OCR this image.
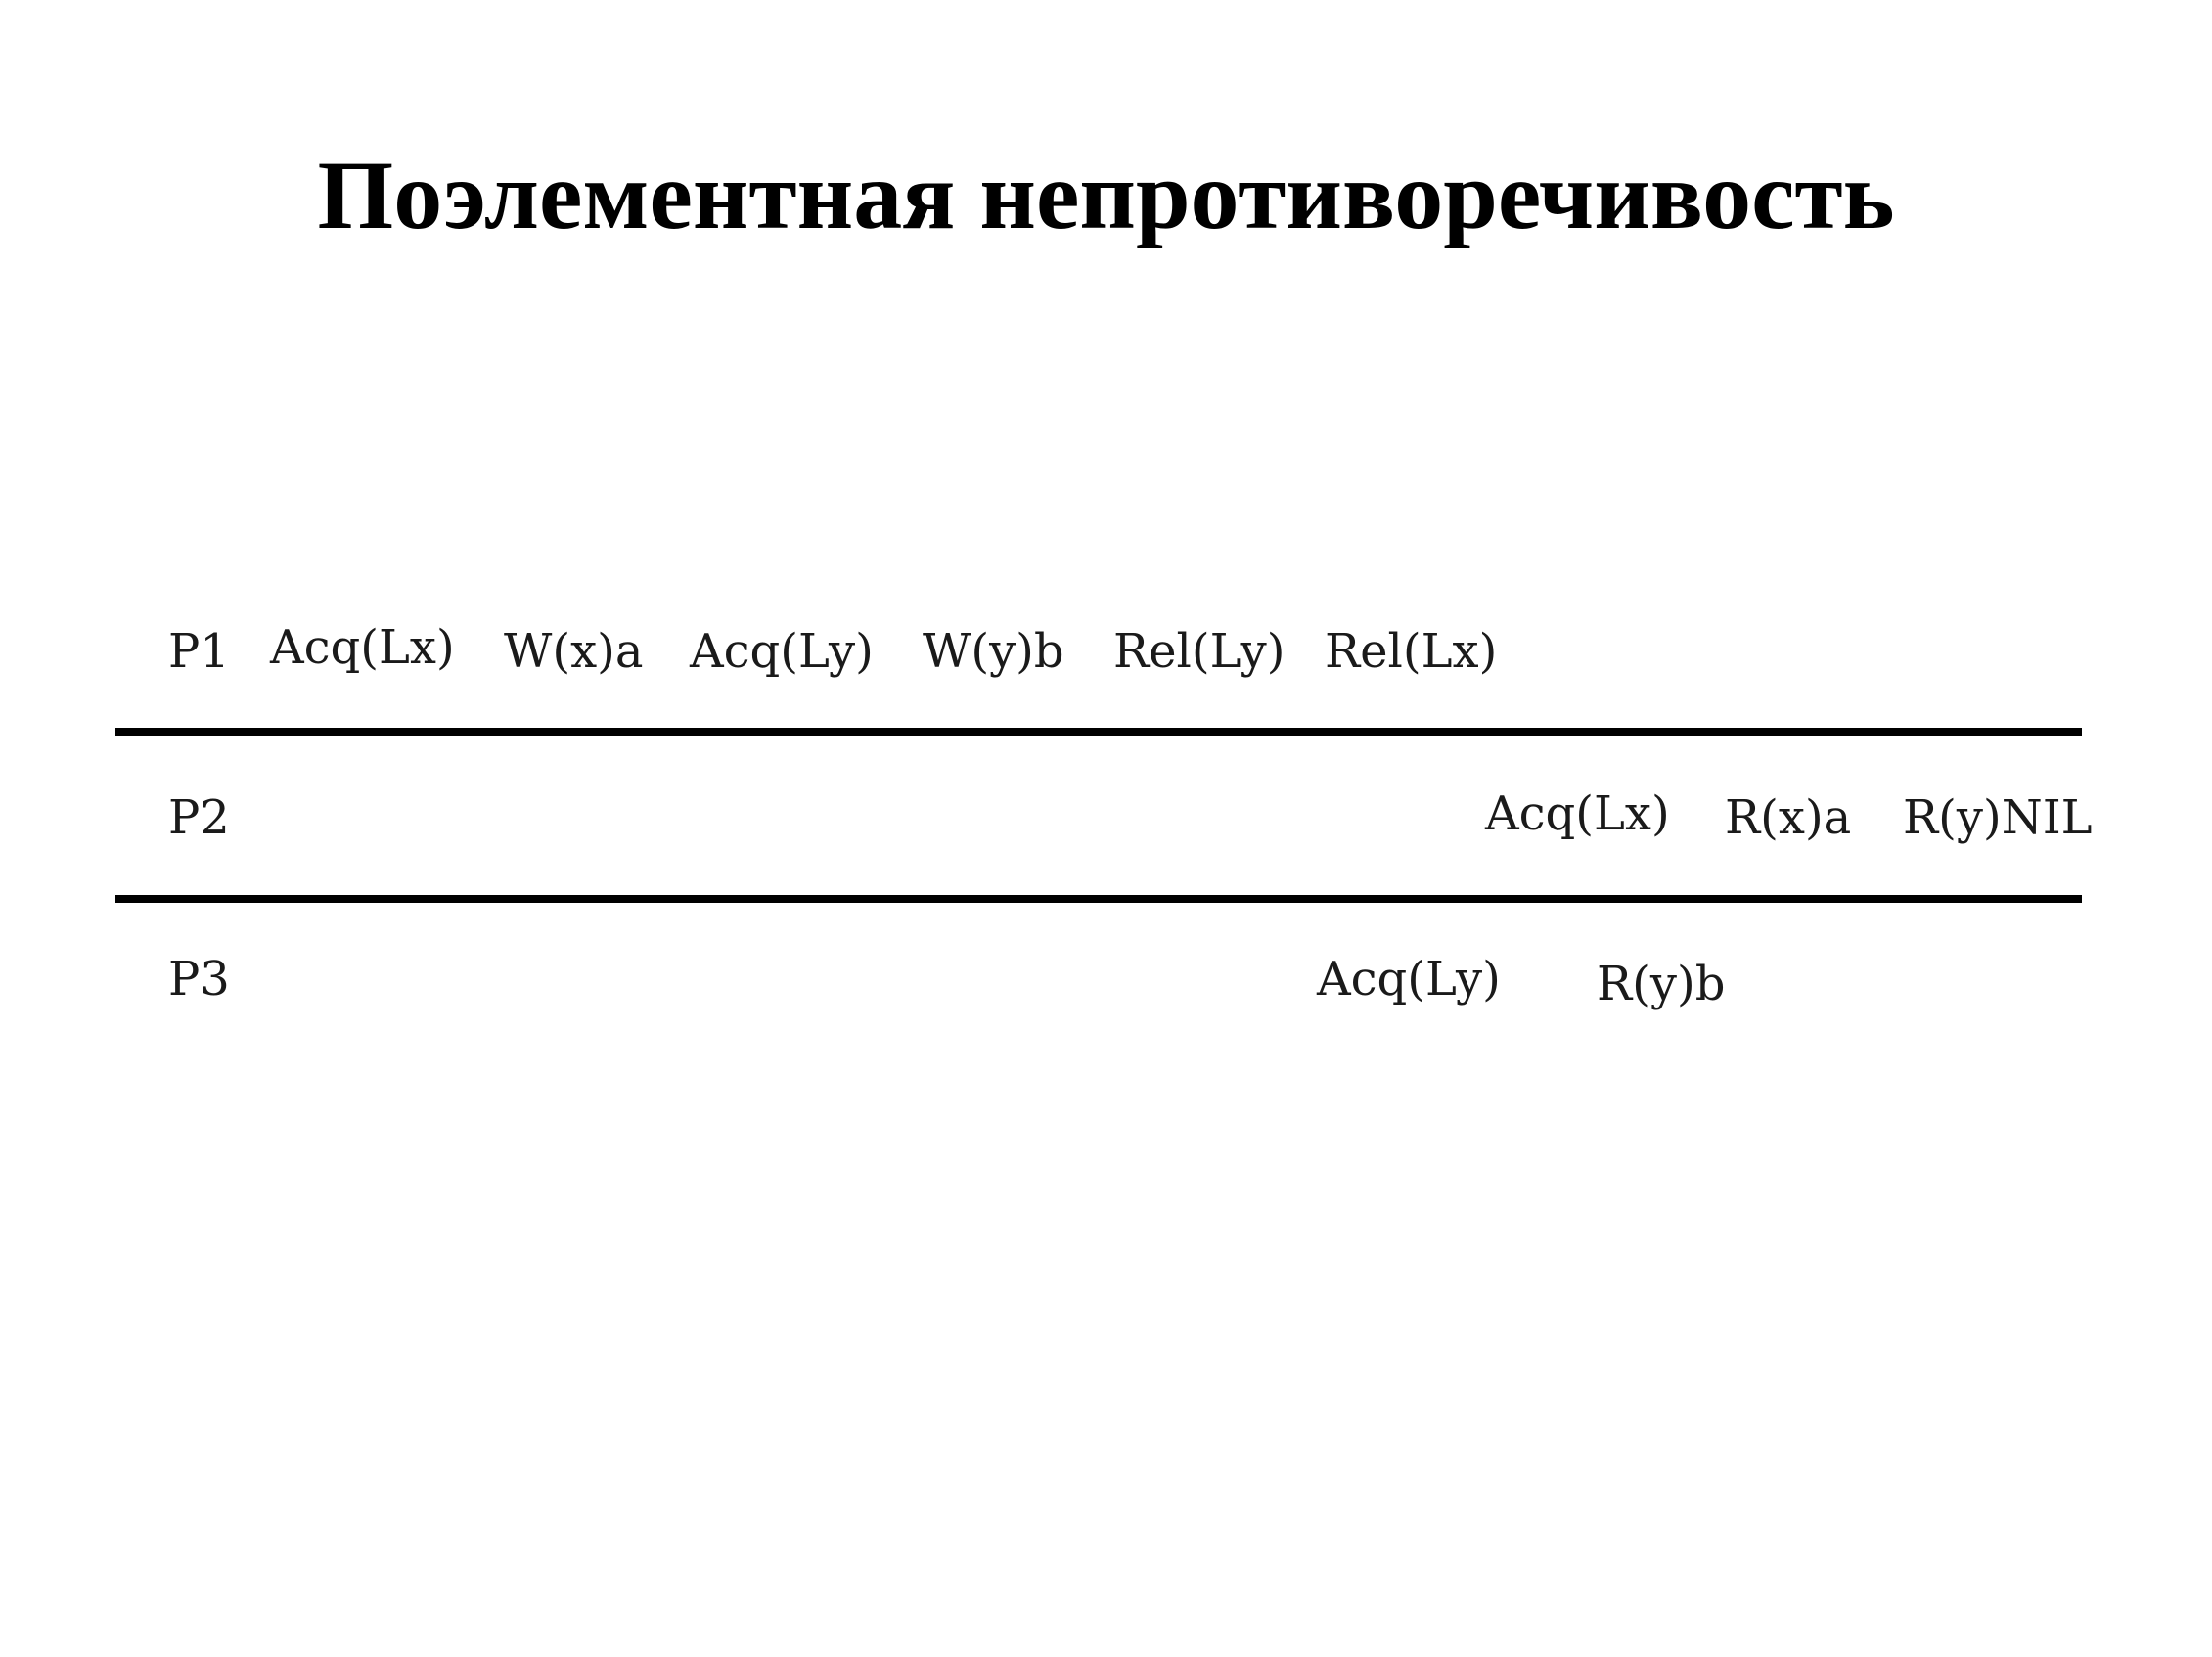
Поэлементная непротиворечивость
P1 Acq(Lx) W(x)a Acq(Ly) W(y)b Rel(Ly) Rel(Lx)
P2	Acq(Lx) R(x)a R(y)NIL
P3	Acq(Ly) R(y)b
